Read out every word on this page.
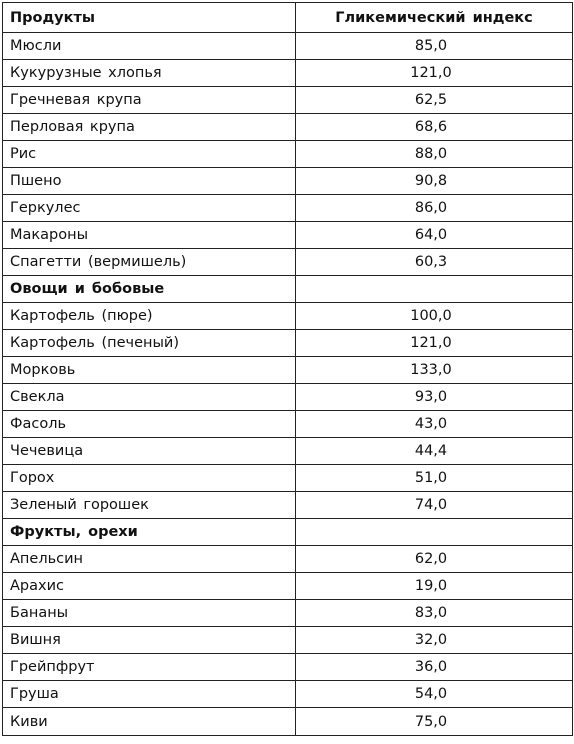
Продукты	Гликемический индекс
Мюсли	85,0
Кукурузные хлопья	121,0
Гречневая крупа	62,5
Перловая крупа	68,6
Рис	88,0
Пшено	90,8
Геркулес	86,0
Макароны	64,0
Спагетти (вермишель)	60,3
Овощи и бобовые	
Картофель (пюре)	100,0
Картофель (печеный)	121,0
Морковь	133,0
Свекла	93,0
Фасоль	43,0
Чечевица	44,4
Горох	51,0
Зеленый горошек	74,0
Фрукты, орехи	
Апельсин	62,0
Арахис	19,0
Бананы	83,0
Вишня	32,0
Грейпфрут	36,0
Груша	54,0
Киви	75,0
